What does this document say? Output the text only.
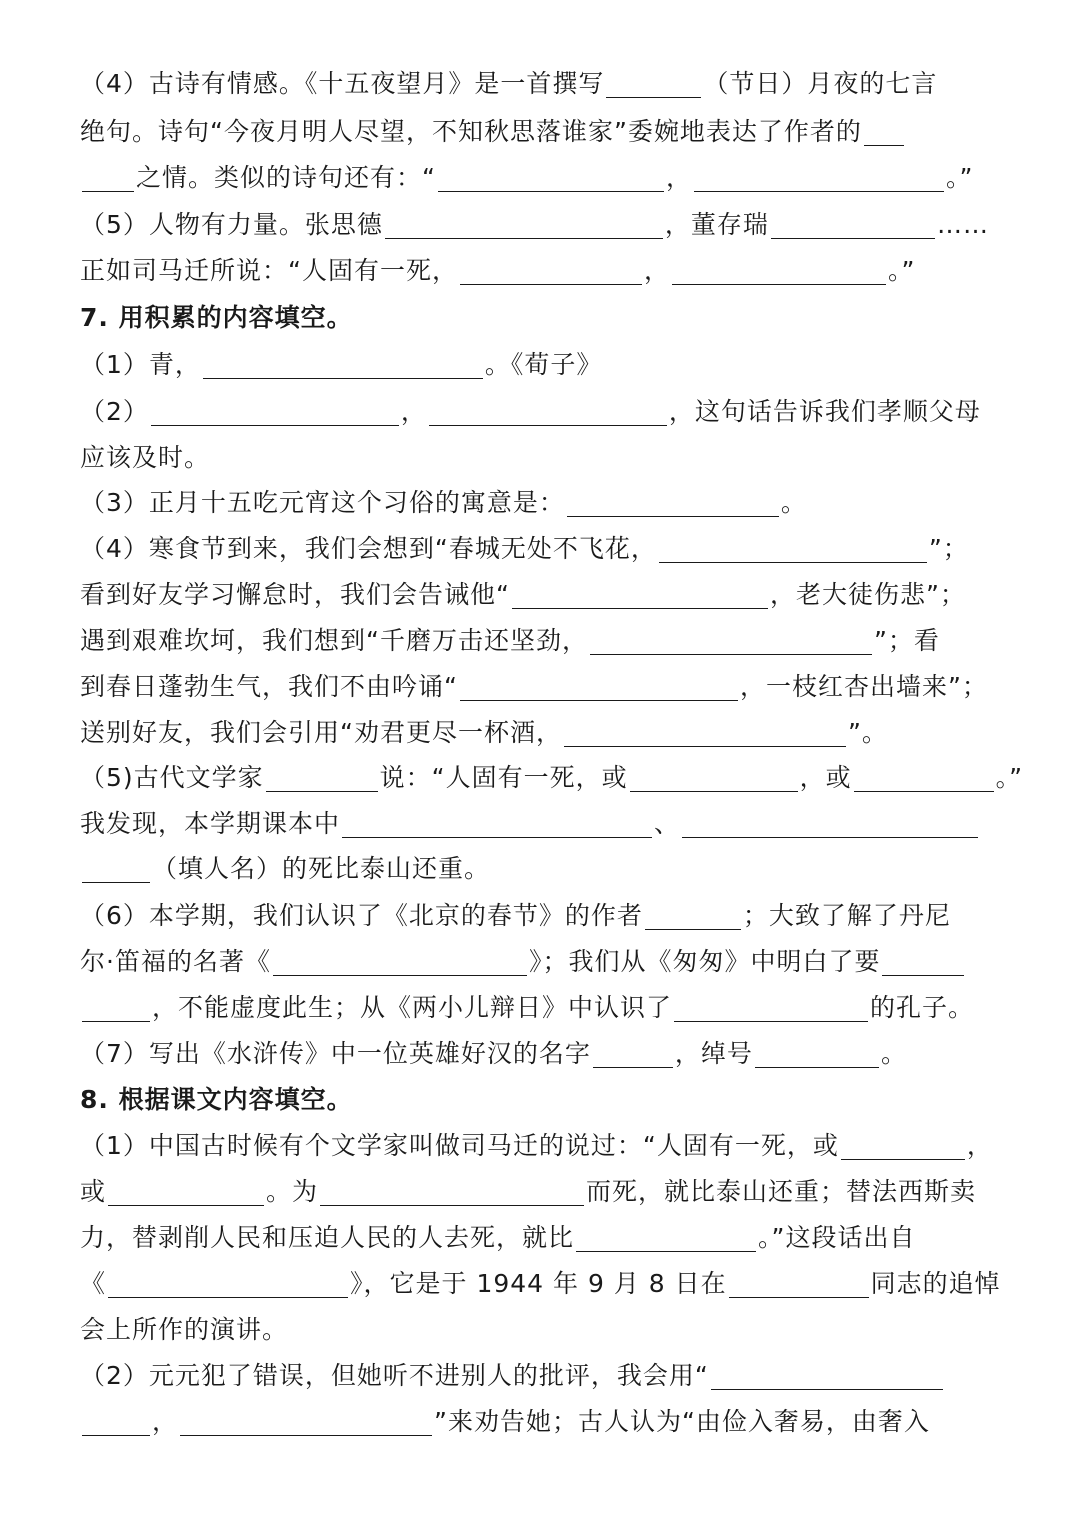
（4）古诗有情感。《十五夜望月》是一首撰写	（节日）月夜的七言
绝句。诗句“今夜月明人尽望，不知秋思落谁家”委婉地表达了作者的
之情。类似的诗句还有：“	，	。”
（5）人物有力量。张思德	，董存瑞	……
正如司马迁所说：“人固有一死，	，	。”
7. 用积累的内容填空。
（1）青，	。《荀子》
（2）	，	，这句话告诉我们孝顺父母
应该及时。
（3）正月十五吃元宵这个习俗的寓意是：	。
（4）寒食节到来，我们会想到“春城无处不飞花，	”；
看到好友学习懈怠时，我们会告诫他“	，老大徒伤悲”；
遇到艰难坎坷，我们想到“千磨万击还坚劲，	”；看
到春日蓬勃生气，我们不由吟诵“	，一枝红杏出墙来”；
送别好友，我们会引用“劝君更尽一杯酒，	”。
（5)古代文学家	说：“人固有一死，或	，或	。”
我发现，本学期课本中	、
（填人名）的死比泰山还重。
（6）本学期，我们认识了《北京的春节》的作者	；大致了解了丹尼
尔·笛福的名著《	》；我们从《匆匆》中明白了要
，不能虚度此生；从《两小儿辩日》中认识了	的孔子。
（7）写出《水浒传》中一位英雄好汉的名字	，绰号	。
8. 根据课文内容填空。
（1）中国古时候有个文学家叫做司马迁的说过：“人固有一死，或	，
或	。为	而死，就比泰山还重；替法西斯卖
力，替剥削人民和压迫人民的人去死，就比	。”这段话出自
《	》，它是于 1944 年 9 月 8 日在	同志的追悼
会上所作的演讲。
（2）元元犯了错误，但她听不进别人的批评，我会用“
，	”来劝告她；古人认为“由俭入奢易，由奢入
